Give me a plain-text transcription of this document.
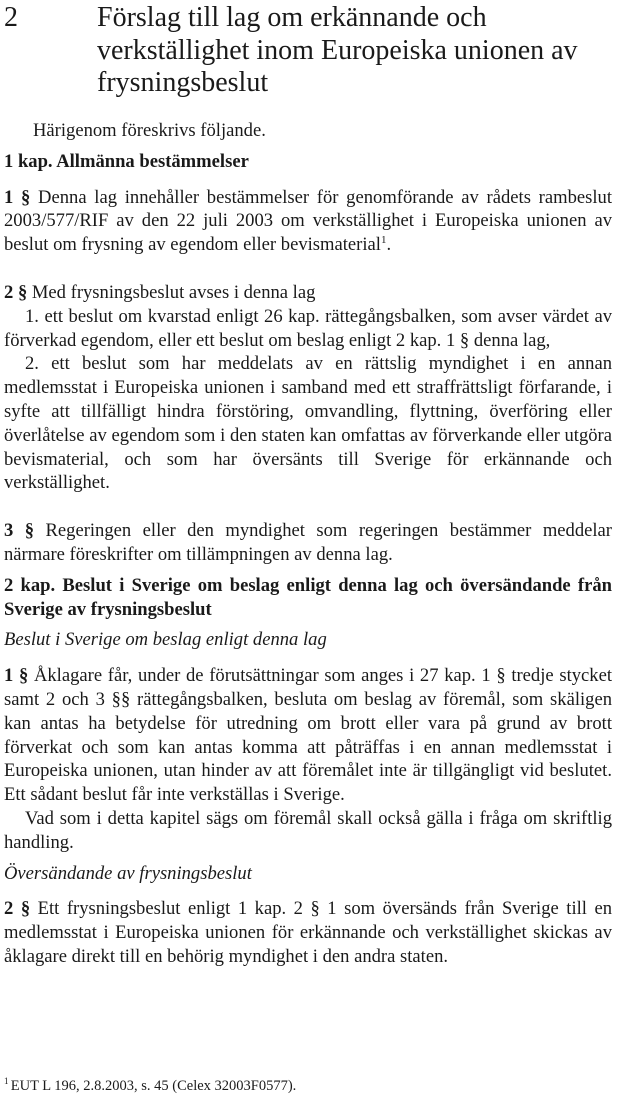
2	Förslag till lag om erkännande och verkställighet inom Europeiska unionen av frysningsbeslut

Härigenom föreskrivs följande.

1 kap. Allmänna bestämmelser

1 § Denna lag innehåller bestämmelser för genomförande av rådets rambeslut 2003/577/RIF av den 22 juli 2003 om verkställighet i Europeiska unionen av beslut om frysning av egendom eller bevismaterial$^1$.

2 § Med frysningsbeslut avses i denna lag

1. ett beslut om kvarstad enligt 26 kap. rättegångsbalken, som avser värdet av förverkad egendom, eller ett beslut om beslag enligt 2 kap. 1 § denna lag,

2. ett beslut som har meddelats av en rättslig myndighet i en annan medlemsstat i Europeiska unionen i samband med ett straffrättsligt förfarande, i syfte att tillfälligt hindra förstöring, omvandling, flyttning, överföring eller överlåtelse av egendom som i den staten kan omfattas av förverkande eller utgöra bevismaterial, och som har översänts till Sverige för erkännande och verkställighet.

3 § Regeringen eller den myndighet som regeringen bestämmer meddelar närmare föreskrifter om tillämpningen av denna lag.

2 kap. Beslut i Sverige om beslag enligt denna lag och översändande från Sverige av frysningsbeslut

Beslut i Sverige om beslag enligt denna lag

1 § Åklagare får, under de förutsättningar som anges i 27 kap. 1 § tredje stycket samt 2 och 3 §§ rättegångsbalken, besluta om beslag av föremål, som skäligen kan antas ha betydelse för utredning om brott eller vara på grund av brott förverkat och som kan antas komma att påträffas i en annan medlemsstat i Europeiska unionen, utan hinder av att föremålet inte är tillgängligt vid beslutet. Ett sådant beslut får inte verkställas i Sverige.

Vad som i detta kapitel sägs om föremål skall också gälla i fråga om skriftlig handling.

Översändande av frysningsbeslut

2 § Ett frysningsbeslut enligt 1 kap. 2 § 1 som översänds från Sverige till en medlemsstat i Europeiska unionen för erkännande och verkställighet skickas av åklagare direkt till en behörig myndighet i den andra staten.

$^1$ EUT L 196, 2.8.2003, s. 45 (Celex 32003F0577).
